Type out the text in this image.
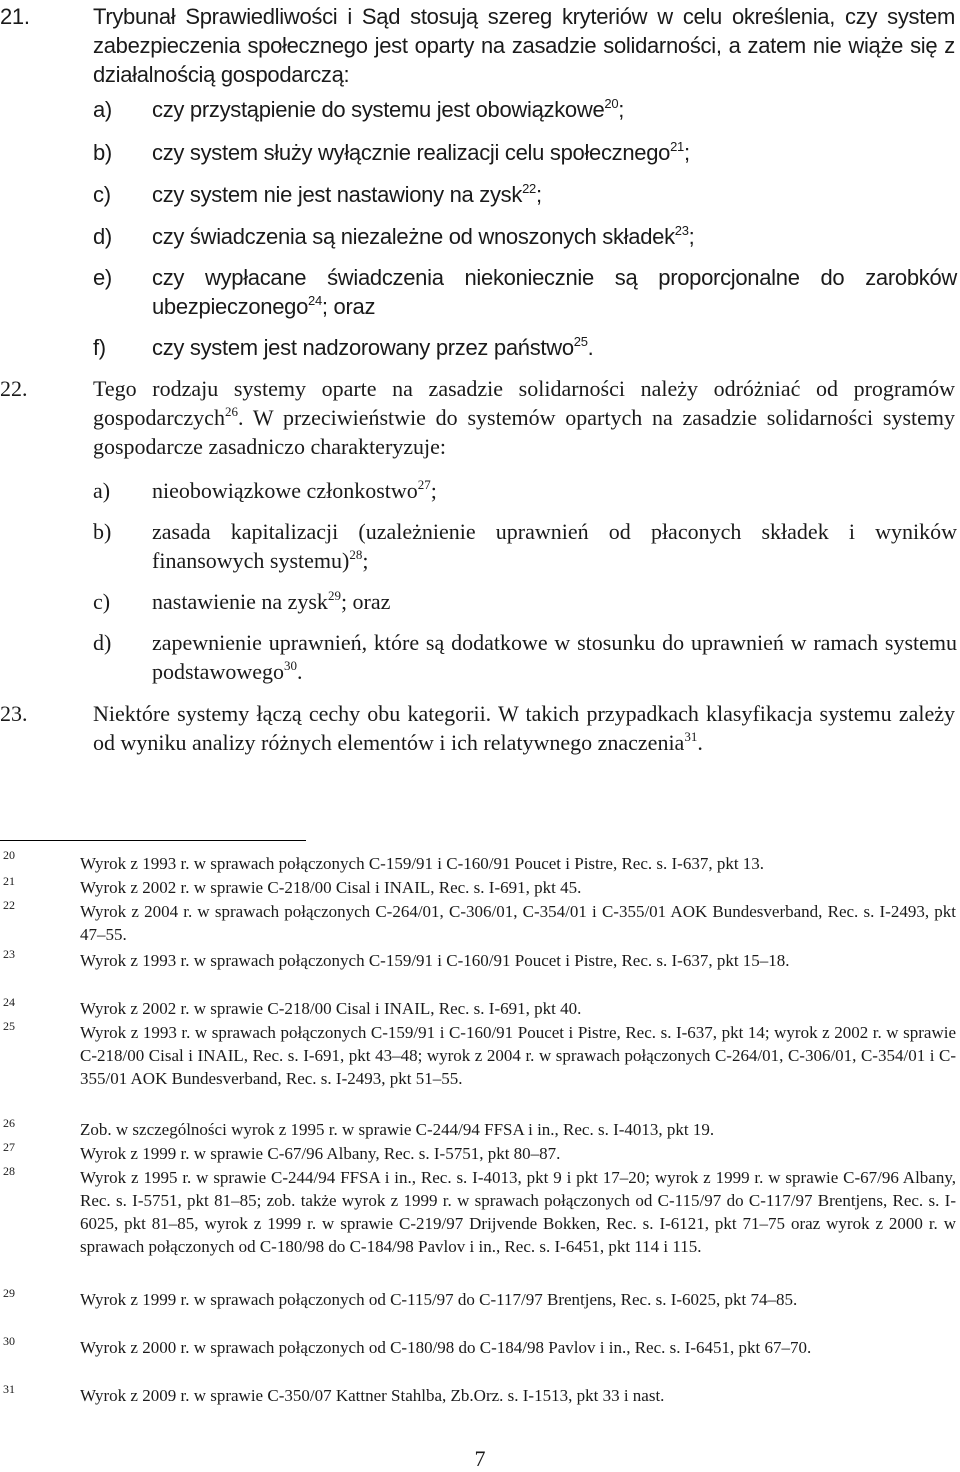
21.	Trybunał Sprawiedliwości i Sąd stosują szereg kryteriów w celu określenia, czy system zabezpieczenia społecznego jest oparty na zasadzie solidarności, a zatem nie wiąże się z działalnością gospodarczą:
a) czy przystąpienie do systemu jest obowiązkowe$^{20}$;
b) czy system służy wyłącznie realizacji celu społecznego$^{21}$;
c) czy system nie jest nastawiony na zysk$^{22}$;
d) czy świadczenia są niezależne od wnoszonych składek$^{23}$;
e) czy wypłacane świadczenia niekoniecznie są proporcjonalne do zarobków ubezpieczonego$^{24}$; oraz
f) czy system jest nadzorowany przez państwo$^{25}$.
22.	Tego rodzaju systemy oparte na zasadzie solidarności należy odróżniać od programów gospodarczych$^{26}$. W przeciwieństwie do systemów opartych na zasadzie solidarności systemy gospodarcze zasadniczo charakteryzuje:
a) nieobowiązkowe członkostwo$^{27}$;
b) zasada kapitalizacji (uzależnienie uprawnień od płaconych składek i wyników finansowych systemu)$^{28}$;
c) nastawienie na zysk$^{29}$; oraz
d) zapewnienie uprawnień, które są dodatkowe w stosunku do uprawnień w ramach systemu podstawowego$^{30}$.
23.	Niektóre systemy łączą cechy obu kategorii. W takich przypadkach klasyfikacja systemu zależy od wyniku analizy różnych elementów i ich relatywnego znaczenia$^{31}$.
20	Wyrok z 1993 r. w sprawach połączonych C-159/91 i C-160/91 Poucet i Pistre, Rec. s. I-637, pkt 13.
21	Wyrok z 2002 r. w sprawie C-218/00 Cisal i INAIL, Rec. s. I-691, pkt 45.
22	Wyrok z 2004 r. w sprawach połączonych C-264/01, C-306/01, C-354/01 i C-355/01 AOK Bundesverband, Rec. s. I-2493, pkt 47–55.
23	Wyrok z 1993 r. w sprawach połączonych C-159/91 i C-160/91 Poucet i Pistre, Rec. s. I-637, pkt 15–18.
24	Wyrok z 2002 r. w sprawie C-218/00 Cisal i INAIL, Rec. s. I-691, pkt 40.
25	Wyrok z 1993 r. w sprawach połączonych C-159/91 i C-160/91 Poucet i Pistre, Rec. s. I-637, pkt 14; wyrok z 2002 r. w sprawie C-218/00 Cisal i INAIL, Rec. s. I-691, pkt 43–48; wyrok z 2004 r. w sprawach połączonych C-264/01, C-306/01, C-354/01 i C-355/01 AOK Bundesverband, Rec. s. I-2493, pkt 51–55.
26	Zob. w szczególności wyrok z 1995 r. w sprawie C-244/94 FFSA i in., Rec. s. I-4013, pkt 19.
27	Wyrok z 1999 r. w sprawie C-67/96 Albany, Rec. s. I-5751, pkt 80–87.
28	Wyrok z 1995 r. w sprawie C-244/94 FFSA i in., Rec. s. I-4013, pkt 9 i pkt 17–20; wyrok z 1999 r. w sprawie C-67/96 Albany, Rec. s. I-5751, pkt 81–85; zob. także wyrok z 1999 r. w sprawach połączonych od C-115/97 do C-117/97 Brentjens, Rec. s. I-6025, pkt 81–85, wyrok z 1999 r. w sprawie C-219/97 Drijvende Bokken, Rec. s. I-6121, pkt 71–75 oraz wyrok z 2000 r. w sprawach połączonych od C-180/98 do C-184/98 Pavlov i in., Rec. s. I-6451, pkt 114 i 115.
29	Wyrok z 1999 r. w sprawach połączonych od C-115/97 do C-117/97 Brentjens, Rec. s. I-6025, pkt 74–85.
30	Wyrok z 2000 r. w sprawach połączonych od C-180/98 do C-184/98 Pavlov i in., Rec. s. I-6451, pkt 67–70.
31	Wyrok z 2009 r. w sprawie C-350/07 Kattner Stahlba, Zb.Orz. s. I-1513, pkt 33 i nast.
7
